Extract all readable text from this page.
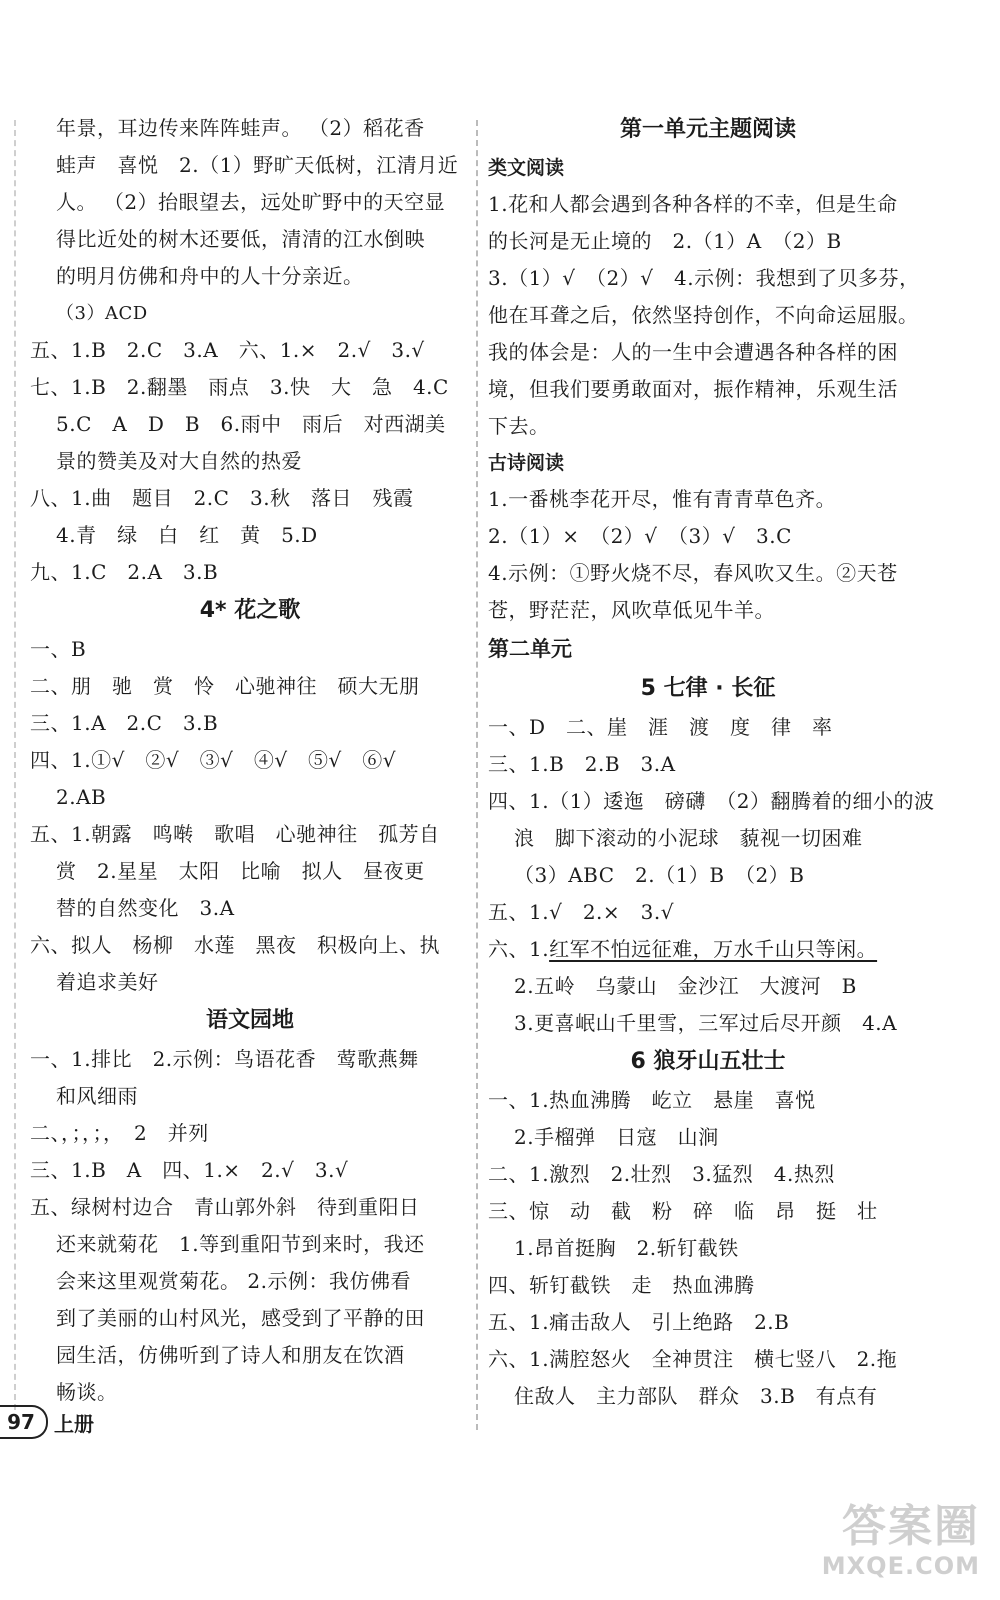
年景，耳边传来阵阵蛙声。 （2）稻花香
蛙声　喜悦　2.（1）野旷天低树，江清月近
人。 （2）抬眼望去，远处旷野中的天空显
得比近处的树木还要低，清清的江水倒映
的明月仿佛和舟中的人十分亲近。
（3）ACD
五、1.B　2.C　3.A　六、1.×　2.√　3.√
七、1.B　2.翻墨　雨点　3.快　大　急　4.C
5.C　A　D　B　6.雨中　雨后　对西湖美
景的赞美及对大自然的热爱
八、1.曲　题目　2.C　3.秋　落日　残霞
4.青　绿　白　红　黄　5.D
九、1.C　2.A　3.B
4* 花之歌
一、B
二、朋　驰　赏　怜　心驰神往　硕大无朋
三、1.A　2.C　3.B
四、1.①√　②√　③√　④√　⑤√　⑥√
2.AB
五、1.朝露　鸣啭　歌唱　心驰神往　孤芳自
赏　2.星星　太阳　比喻　拟人　昼夜更
替的自然变化　3.A
六、拟人　杨柳　水莲　黑夜　积极向上、执
着追求美好
语文园地
一、1.排比　2.示例：鸟语花香　莺歌燕舞
和风细雨
二、，；，；，　2　并列
三、1.B　A　四、1.×　2.√　3.√
五、绿树村边合　青山郭外斜　待到重阳日
还来就菊花　1.等到重阳节到来时，我还
会来这里观赏菊花。 2.示例：我仿佛看
到了美丽的山村风光，感受到了平静的田
园生活，仿佛听到了诗人和朋友在饮酒
畅谈。
第一单元主题阅读
类文阅读
1.花和人都会遇到各种各样的不幸，但是生命
的长河是无止境的　2.（1）A　（2）B
3.（1）√　（2）√　4.示例：我想到了贝多芬，
他在耳聋之后，依然坚持创作，不向命运屈服。
我的体会是：人的一生中会遭遇各种各样的困
境，但我们要勇敢面对，振作精神，乐观生活
下去。
古诗阅读
1.一番桃李花开尽，惟有青青草色齐。
2.（1）×　（2）√　（3）√　3.C
4.示例：①野火烧不尽，春风吹又生。②天苍
苍，野茫茫，风吹草低见牛羊。
第二单元
5 七律 · 长征
一、D　二、崖　涯　渡　度　律　率
三、1.B　2.B　3.A
四、1.（1）逶迤　磅礴　（2）翻腾着的细小的波
浪　脚下滚动的小泥球　藐视一切困难
（3）ABC　2.（1）B　（2）B
五、1.√　2.×　3.√
六、1.红军不怕远征难，万水千山只等闲。
2.五岭　乌蒙山　金沙江　大渡河　B
3.更喜岷山千里雪，三军过后尽开颜　4.A
6 狼牙山五壮士
一、1.热血沸腾　屹立　悬崖　喜悦
2.手榴弹　日寇　山涧
二、1.激烈　2.壮烈　3.猛烈　4.热烈
三、惊　动　截　粉　碎　临　昂　挺　壮
1.昂首挺胸　2.斩钉截铁
四、斩钉截铁　走　热血沸腾
五、1.痛击敌人　引上绝路　2.B
六、1.满腔怒火　全神贯注　横七竖八　2.拖
住敌人　主力部队　群众　3.B　有点有
97 上册
答案圈
MXQE.COM
